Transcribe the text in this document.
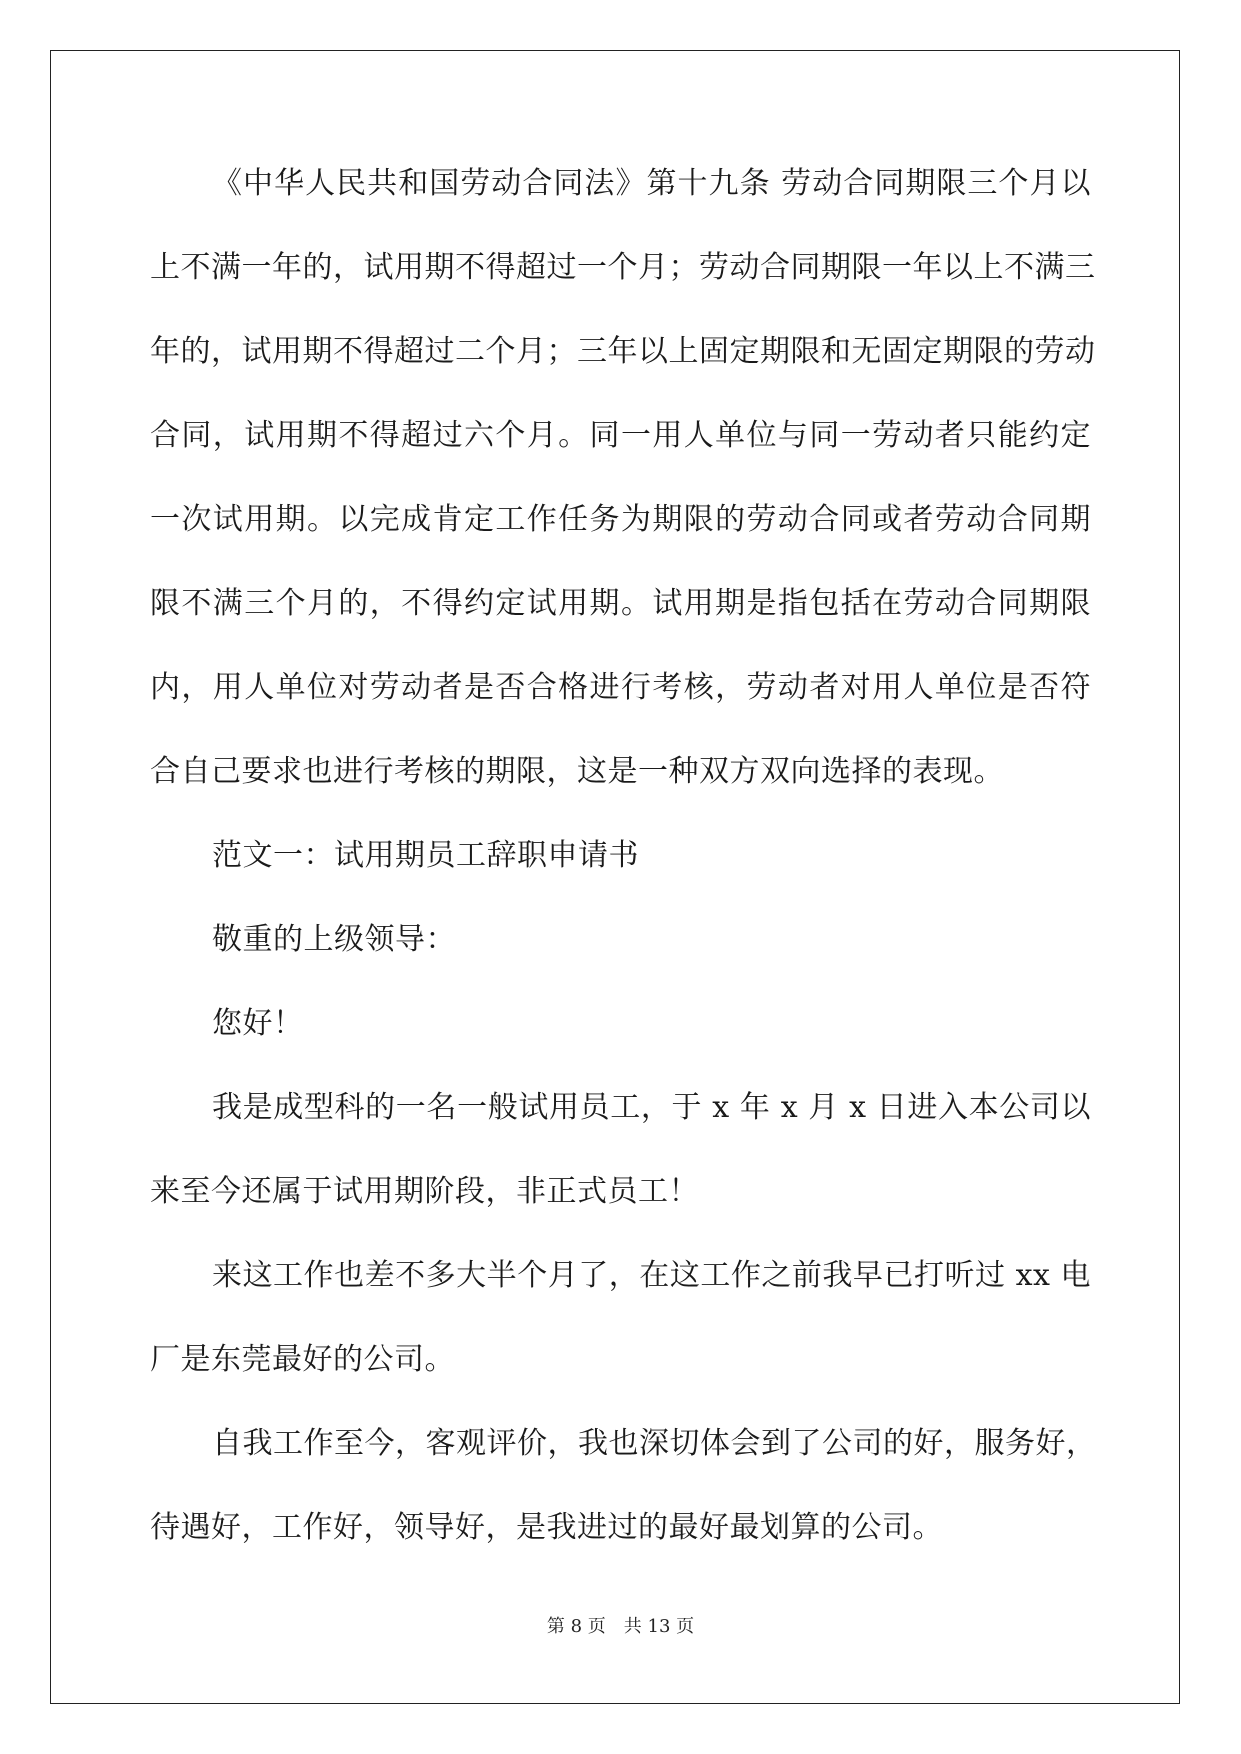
《中华人民共和国劳动合同法》第十九条 劳动合同期限三个月以
上不满一年的，试用期不得超过一个月；劳动合同期限一年以上不满三
年的，试用期不得超过二个月；三年以上固定期限和无固定期限的劳动
合同，试用期不得超过六个月。同一用人单位与同一劳动者只能约定
一次试用期。以完成肯定工作任务为期限的劳动合同或者劳动合同期
限不满三个月的，不得约定试用期。试用期是指包括在劳动合同期限
内，用人单位对劳动者是否合格进行考核，劳动者对用人单位是否符
合自己要求也进行考核的期限，这是一种双方双向选择的表现。
范文一：试用期员工辞职申请书
敬重的上级领导：
您好！
我是成型科的一名一般试用员工，于 x 年 x 月 x 日进入本公司以
来至今还属于试用期阶段，非正式员工！
来这工作也差不多大半个月了，在这工作之前我早已打听过 xx 电
厂是东莞最好的公司。
自我工作至今，客观评价，我也深切体会到了公司的好，服务好，
待遇好，工作好，领导好，是我进过的最好最划算的公司。
第 8 页 共 13 页
